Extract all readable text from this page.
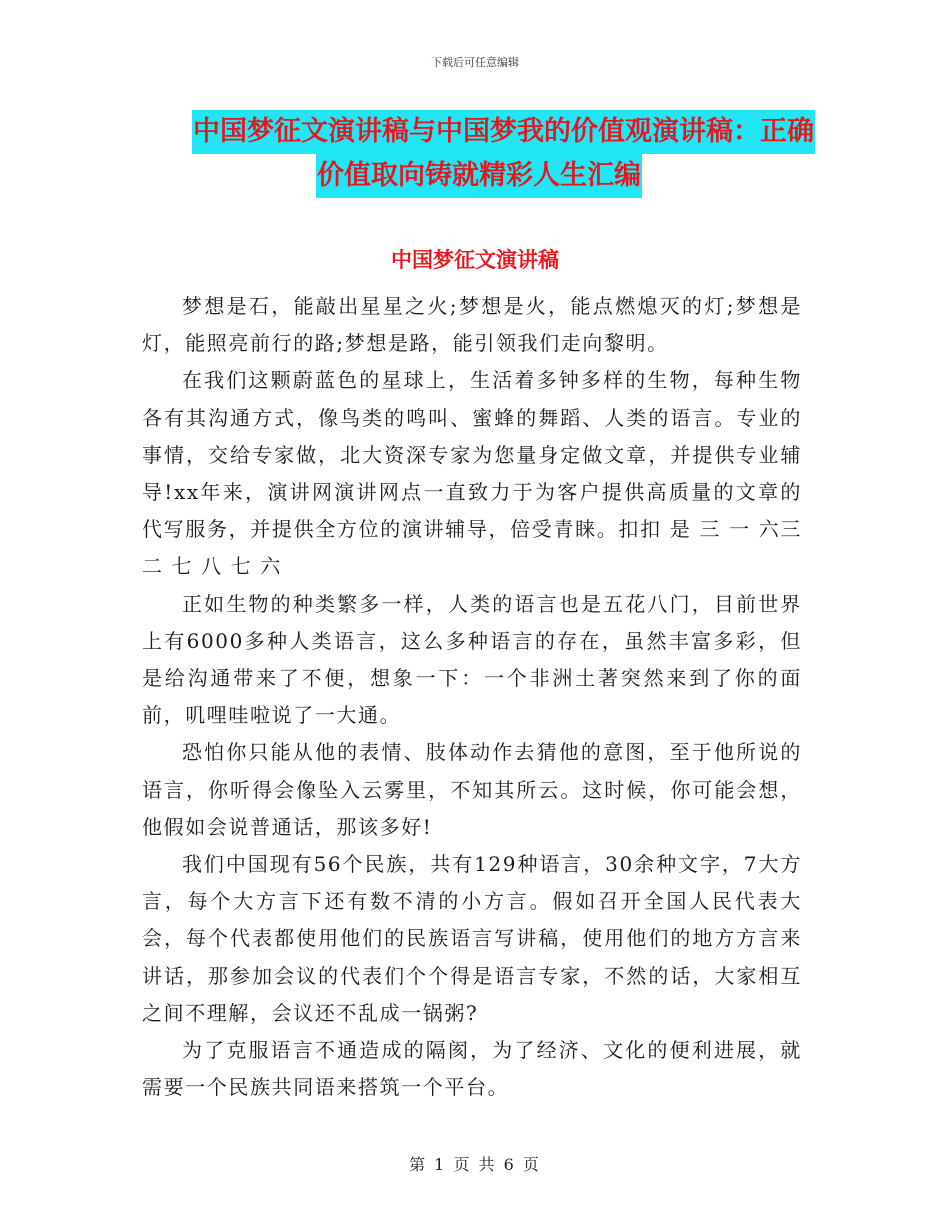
下载后可任意编辑
中国梦征文演讲稿与中国梦我的价值观演讲稿：正确
价值取向铸就精彩人生汇编
中国梦征文演讲稿

梦想是石，能敲出星星之火;梦想是火，能点燃熄灭的灯;梦想是灯，能照亮前行的路;梦想是路，能引领我们走向黎明。

在我们这颗蔚蓝色的星球上，生活着多钟多样的生物，每种生物各有其沟通方式，像鸟类的鸣叫、蜜蜂的舞蹈、人类的语言。专业的事情，交给专家做，北大资深专家为您量身定做文章，并提供专业辅导!xx年来，演讲网演讲网点一直致力于为客户提供高质量的文章的代写服务，并提供全方位的演讲辅导，倍受青睐。扣扣 是 三 一 六三 二 七 八 七 六

正如生物的种类繁多一样，人类的语言也是五花八门，目前世界上有6000多种人类语言，这么多种语言的存在，虽然丰富多彩，但是给沟通带来了不便，想象一下：一个非洲土著突然来到了你的面前，叽哩哇啦说了一大通。

恐怕你只能从他的表情、肢体动作去猜他的意图，至于他所说的语言，你听得会像坠入云雾里，不知其所云。这时候，你可能会想，他假如会说普通话，那该多好!

我们中国现有56个民族，共有129种语言，30余种文字，7大方言，每个大方言下还有数不清的小方言。假如召开全国人民代表大会，每个代表都使用他们的民族语言写讲稿，使用他们的地方方言来讲话，那参加会议的代表们个个得是语言专家，不然的话，大家相互之间不理解，会议还不乱成一锅粥?

为了克服语言不通造成的隔阂，为了经济、文化的便利进展，就需要一个民族共同语来搭筑一个平台。

第 1 页 共 6 页
